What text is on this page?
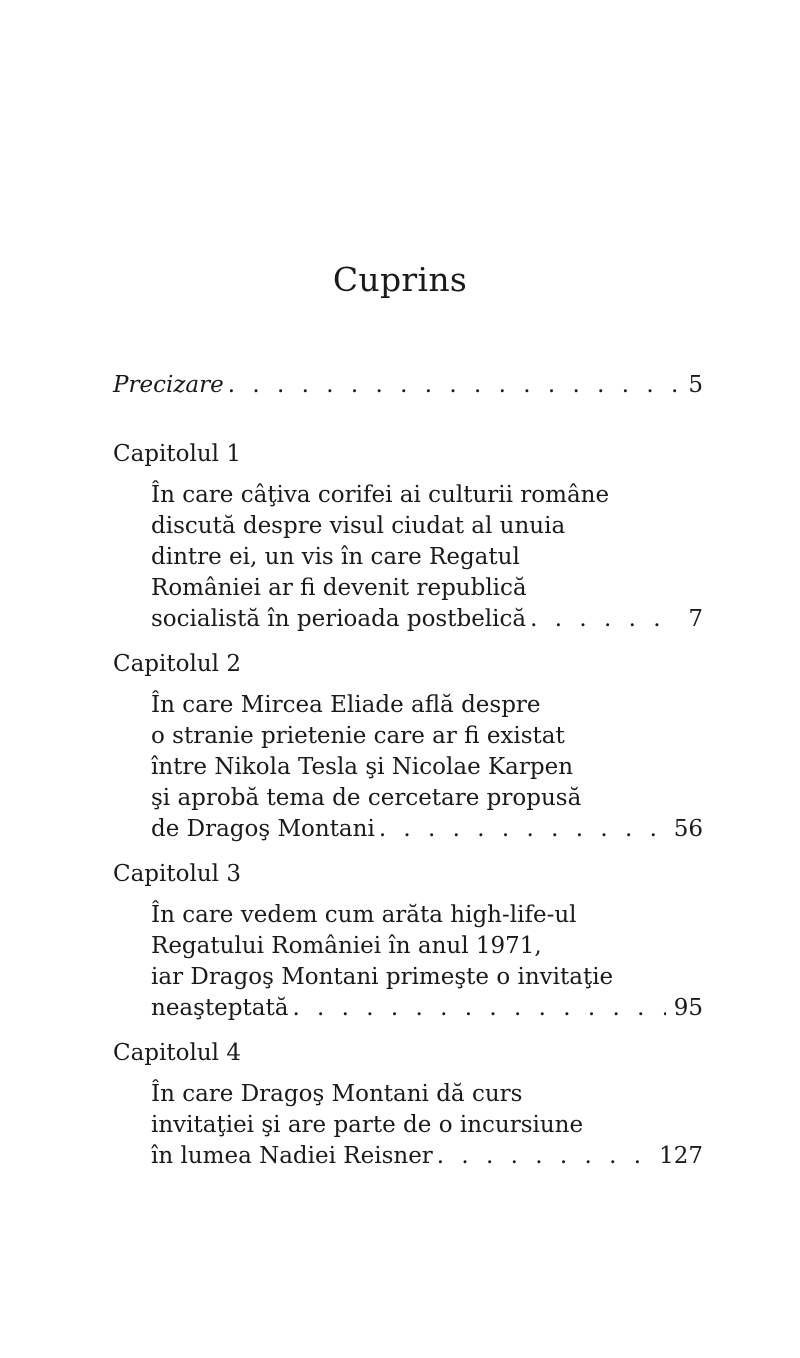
Cuprins
Precizare . . .	5
Capitolul 1
În care câţiva corifei ai culturii române
discută despre visul ciudat al unuia
dintre ei, un vis în care Regatul
României ar fi devenit republică
socialistă în perioada postbelică . . .	7
Capitolul 2
În care Mircea Eliade află despre
o stranie prietenie care ar fi existat
între Nikola Tesla şi Nicolae Karpen
şi aprobă tema de cercetare propusă
de Dragoş Montani . . .	56
Capitolul 3
În care vedem cum arăta high-life-ul
Regatului României în anul 1971,
iar Dragoş Montani primeşte o invitaţie
neaşteptată . . .	95
Capitolul 4
În care Dragoş Montani dă curs
invitaţiei şi are parte de o incursiune
în lumea Nadiei Reisner . . .	127
